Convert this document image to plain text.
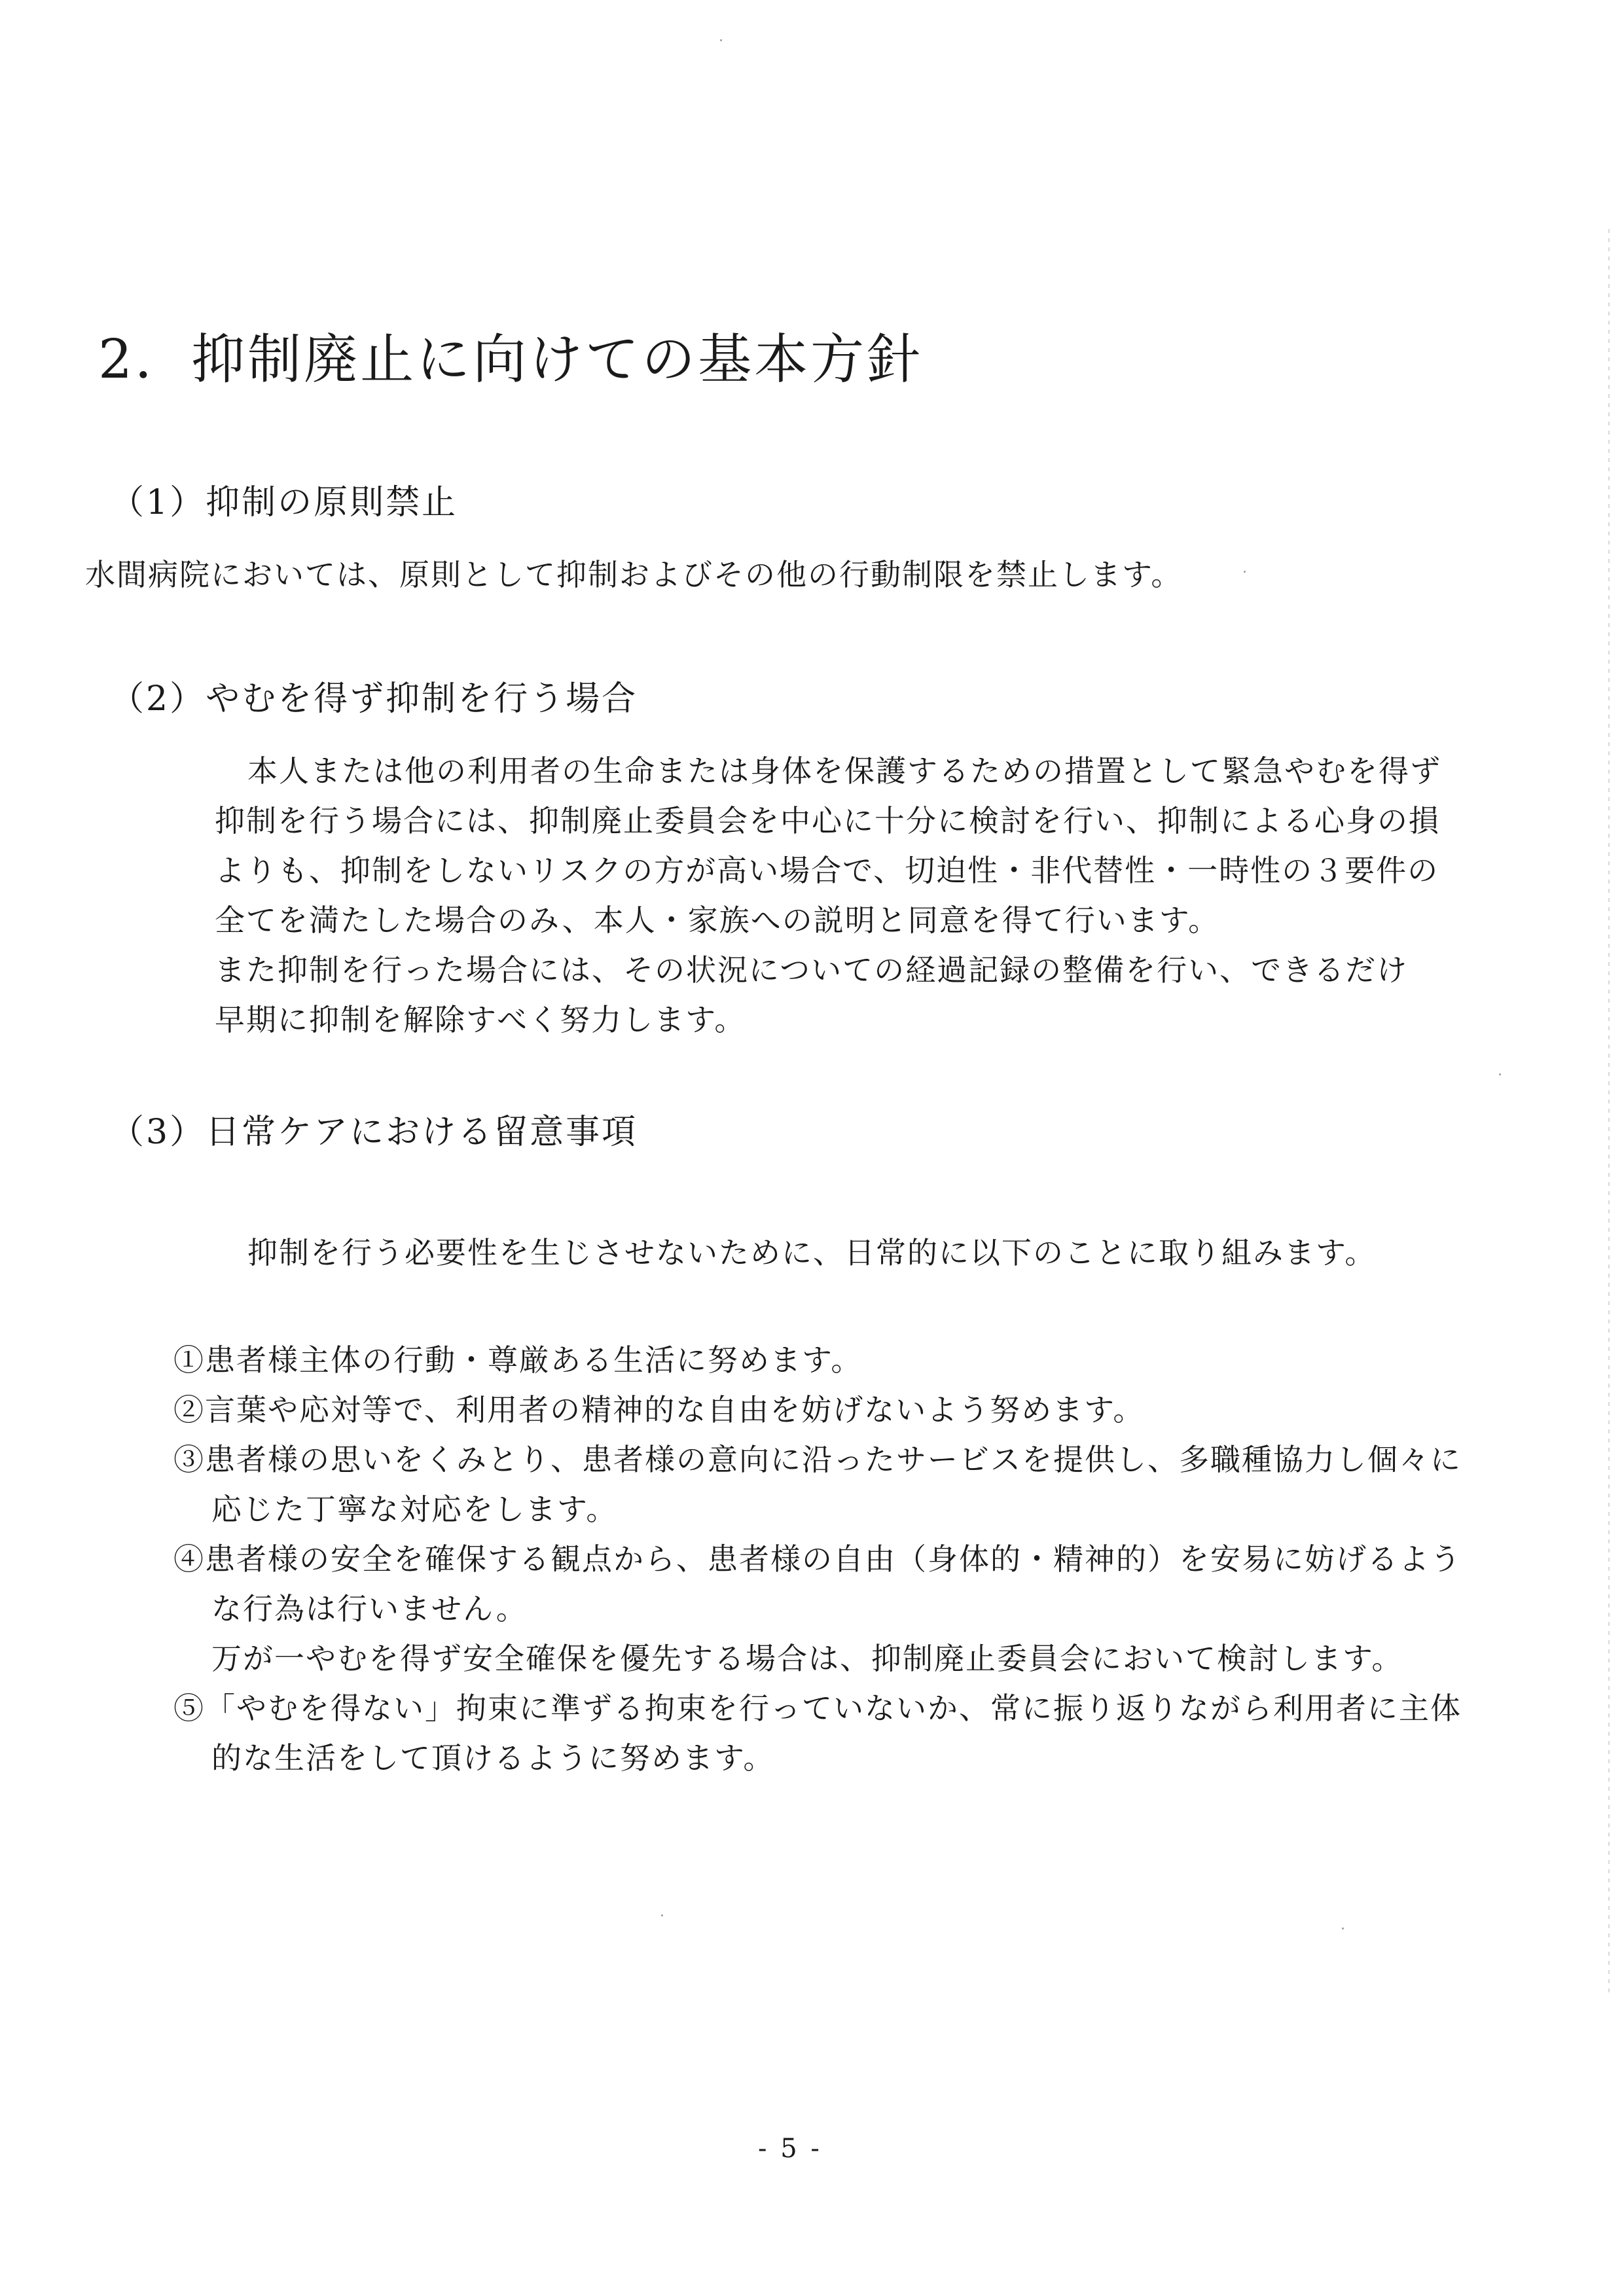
2．抑制廃止に向けての基本方針
（1）抑制の原則禁止
水間病院においては、原則として抑制およびその他の行動制限を禁止します。
（2）やむを得ず抑制を行う場合
本人または他の利用者の生命または身体を保護するための措置として緊急やむを得ず
抑制を行う場合には、抑制廃止委員会を中心に十分に検討を行い、抑制による心身の損
よりも、抑制をしないリスクの方が高い場合で、切迫性・非代替性・一時性の３要件の
全てを満たした場合のみ、本人・家族への説明と同意を得て行います。
また抑制を行った場合には、その状況についての経過記録の整備を行い、できるだけ
早期に抑制を解除すべく努力します。
（3）日常ケアにおける留意事項
抑制を行う必要性を生じさせないために、日常的に以下のことに取り組みます。
①患者様主体の行動・尊厳ある生活に努めます。
②言葉や応対等で、利用者の精神的な自由を妨げないよう努めます。
③患者様の思いをくみとり、患者様の意向に沿ったサービスを提供し、多職種協力し個々に
応じた丁寧な対応をします。
④患者様の安全を確保する観点から、患者様の自由（身体的・精神的）を安易に妨げるよう
な行為は行いません。
万が一やむを得ず安全確保を優先する場合は、抑制廃止委員会において検討します。
⑤「やむを得ない」拘束に準ずる拘束を行っていないか、常に振り返りながら利用者に主体
的な生活をして頂けるように努めます。
- 5 -
